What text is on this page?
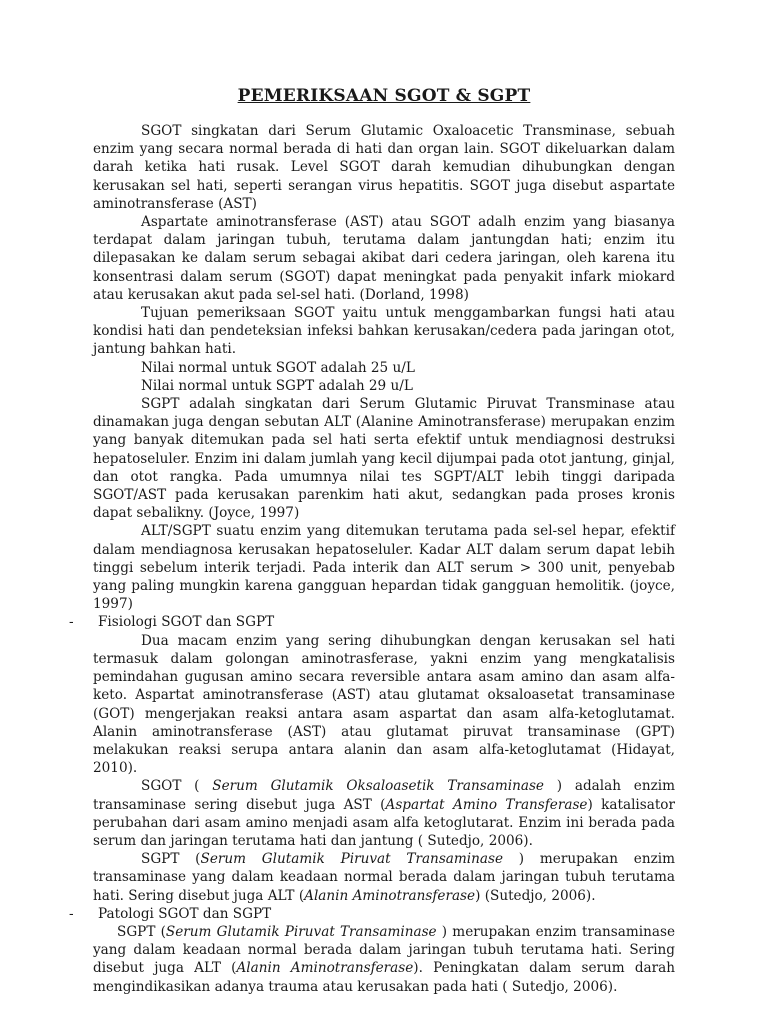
PEMERIKSAAN SGOT & SGPT

SGOT singkatan dari Serum Glutamic Oxaloacetic Transminase, sebuah enzim yang secara normal berada di hati dan organ lain. SGOT dikeluarkan dalam darah ketika hati rusak. Level SGOT darah kemudian dihubungkan dengan kerusakan sel hati, seperti serangan virus hepatitis. SGOT juga disebut aspartate aminotransferase (AST)

Aspartate aminotransferase (AST) atau SGOT adalh enzim yang biasanya terdapat dalam jaringan tubuh, terutama dalam jantungdan hati; enzim itu dilepasakan ke dalam serum sebagai akibat dari cedera jaringan, oleh karena itu konsentrasi dalam serum (SGOT) dapat meningkat pada penyakit infark miokard atau kerusakan akut pada sel-sel hati. (Dorland, 1998)

Tujuan pemeriksaan SGOT yaitu untuk menggambarkan fungsi hati atau kondisi hati dan pendeteksian infeksi bahkan kerusakan/cedera pada jaringan otot, jantung bahkan hati.

Nilai normal untuk SGOT adalah 25 u/L

Nilai normal untuk SGPT adalah 29 u/L

SGPT adalah singkatan dari Serum Glutamic Piruvat Transminase atau dinamakan juga dengan sebutan ALT (Alanine Aminotransferase) merupakan enzim yang banyak ditemukan pada sel hati serta efektif untuk mendiagnosi destruksi hepatoseluler. Enzim ini dalam jumlah yang kecil dijumpai pada otot jantung, ginjal, dan otot rangka. Pada umumnya nilai tes SGPT/ALT lebih tinggi daripada SGOT/AST pada kerusakan parenkim hati akut, sedangkan pada proses kronis dapat sebalikny. (Joyce, 1997)

ALT/SGPT suatu enzim yang ditemukan terutama pada sel-sel hepar, efektif dalam mendiagnosa kerusakan hepatoseluler. Kadar ALT dalam serum dapat lebih tinggi sebelum interik terjadi. Pada interik dan ALT serum > 300 unit, penyebab yang paling mungkin karena gangguan hepardan tidak gangguan hemolitik. (joyce, 1997)

- Fisiologi SGOT dan SGPT

Dua macam enzim yang sering dihubungkan dengan kerusakan sel hati termasuk dalam golongan aminotrasferase, yakni enzim yang mengkatalisis pemindahan gugusan amino secara reversible antara asam amino dan asam alfa-keto. Aspartat aminotransferase (AST) atau glutamat oksaloasetat transaminase (GOT) mengerjakan reaksi antara asam aspartat dan asam alfa-ketoglutamat. Alanin aminotransferase (AST) atau glutamat piruvat transaminase (GPT) melakukan reaksi serupa antara alanin dan asam alfa-ketoglutamat (Hidayat, 2010).

SGOT ( Serum Glutamik Oksaloasetik Transaminase ) adalah enzim transaminase sering disebut juga AST (Aspartat Amino Transferase) katalisator perubahan dari asam amino menjadi asam alfa ketoglutarat. Enzim ini berada pada serum dan jaringan terutama hati dan jantung ( Sutedjo, 2006).

SGPT (Serum Glutamik Piruvat Transaminase ) merupakan enzim transaminase yang dalam keadaan normal berada dalam jaringan tubuh terutama hati. Sering disebut juga ALT (Alanin Aminotransferase) (Sutedjo, 2006).

- Patologi SGOT dan SGPT

SGPT (Serum Glutamik Piruvat Transaminase ) merupakan enzim transaminase yang dalam keadaan normal berada dalam jaringan tubuh terutama hati. Sering disebut juga ALT (Alanin Aminotransferase). Peningkatan dalam serum darah mengindikasikan adanya trauma atau kerusakan pada hati ( Sutedjo, 2006).
